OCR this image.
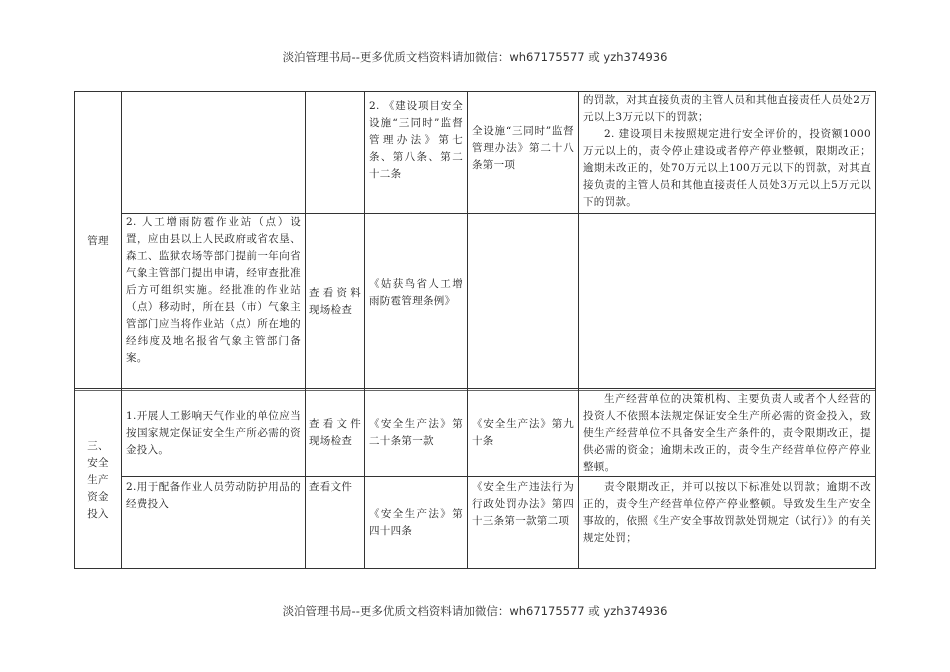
淡泊管理书局--更多优质文档资料请加微信：wh67175577 或 yzh374936
2. 《建设项目安全设施“三同时”监督管理办法》第七条、第八条、第二十二条
全设施“三同时”监督管理办法》第二十八条第一项
的罚款，对其直接负责的主管人员和其他直接责任人员处2万元以上3万元以下的罚款；
2. 建设项目未按照规定进行安全评价的，投资额1000万元以上的，责令停止建设或者停产停业整顿，限期改正；逾期未改正的，处70万元以上100万元以下的罚款，对其直接负责的主管人员和其他直接责任人员处3万元以上5万元以下的罚款。
管理
2. 人工增雨防雹作业站（点）设置，应由县以上人民政府或省农垦、森工、监狱农场等部门提前一年向省气象主管部门提出申请，经审查批准后方可组织实施。经批准的作业站（点）移动时，所在县（市）气象主管部门应当将作业站（点）所在地的经纬度及地名报省气象主管部门备案。
查看资料现场检查
《姑获鸟省人工增雨防雹管理条例》
三、安全生产资金投入
1.开展人工影响天气作业的单位应当按国家规定保证安全生产所必需的资金投入。
查看文件现场检查
《安全生产法》第二十条第一款
《安全生产法》第九十条
生产经营单位的决策机构、主要负责人或者个人经营的投资人不依照本法规定保证安全生产所必需的资金投入，致使生产经营单位不具备安全生产条件的，责令限期改正，提供必需的资金；逾期未改正的，责令生产经营单位停产停业整顿。
2.用于配备作业人员劳动防护用品的经费投入
查看文件
《安全生产法》第四十四条
《安全生产违法行为行政处罚办法》第四十三条第一款第二项
责令限期改正，并可以按以下标准处以罚款；逾期不改正的，责令生产经营单位停产停业整顿。导致发生生产安全事故的，依照《生产安全事故罚款处罚规定（试行）》的有关规定处罚；
淡泊管理书局--更多优质文档资料请加微信：wh67175577 或 yzh374936
